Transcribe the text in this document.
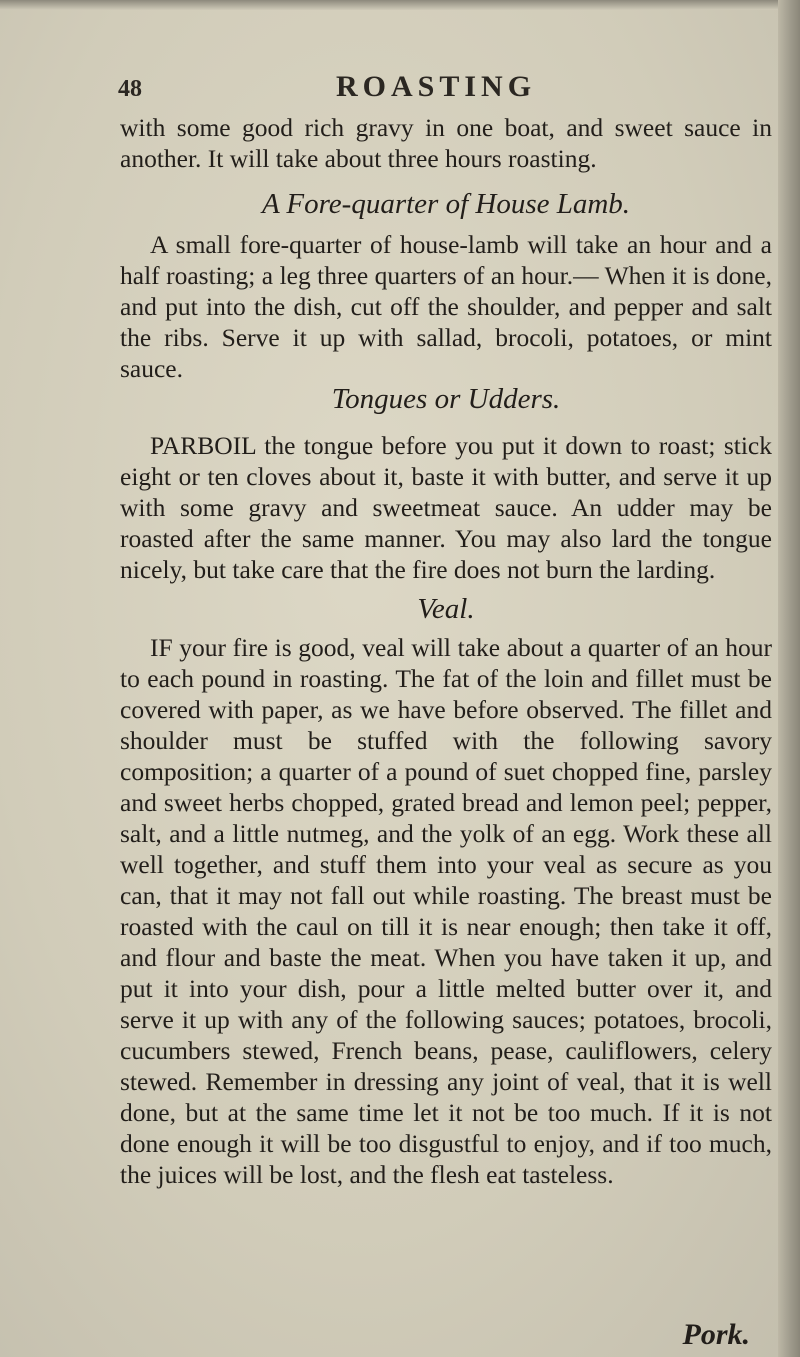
48	ROASTING

with some good rich gravy in one boat, and sweet sauce in another. It will take about three hours roasting.

A Fore-quarter of House Lamb.

A small fore-quarter of house-lamb will take an hour and a half roasting; a leg three quarters of an hour.— When it is done, and put into the dish, cut off the shoulder, and pepper and salt the ribs. Serve it up with sallad, brocoli, potatoes, or mint sauce.

Tongues or Udders.

PARBOIL the tongue before you put it down to roast; stick eight or ten cloves about it, baste it with butter, and serve it up with some gravy and sweetmeat sauce. An udder may be roasted after the same manner. You may also lard the tongue nicely, but take care that the fire does not burn the larding.

Veal.

IF your fire is good, veal will take about a quarter of an hour to each pound in roasting. The fat of the loin and fillet must be covered with paper, as we have before observed. The fillet and shoulder must be stuffed with the following savory composition; a quarter of a pound of suet chopped fine, parsley and sweet herbs chopped, grated bread and lemon peel; pepper, salt, and a little nutmeg, and the yolk of an egg. Work these all well together, and stuff them into your veal as secure as you can, that it may not fall out while roasting. The breast must be roasted with the caul on till it is near enough; then take it off, and flour and baste the meat. When you have taken it up, and put it into your dish, pour a little melted butter over it, and serve it up with any of the following sauces; potatoes, brocoli, cucumbers stewed, French beans, pease, cauliflowers, celery stewed. Remember in dressing any joint of veal, that it is well done, but at the same time let it not be too much. If it is not done enough it will be too disgustful to enjoy, and if too much, the juices will be lost, and the flesh eat tasteless.

Pork.
